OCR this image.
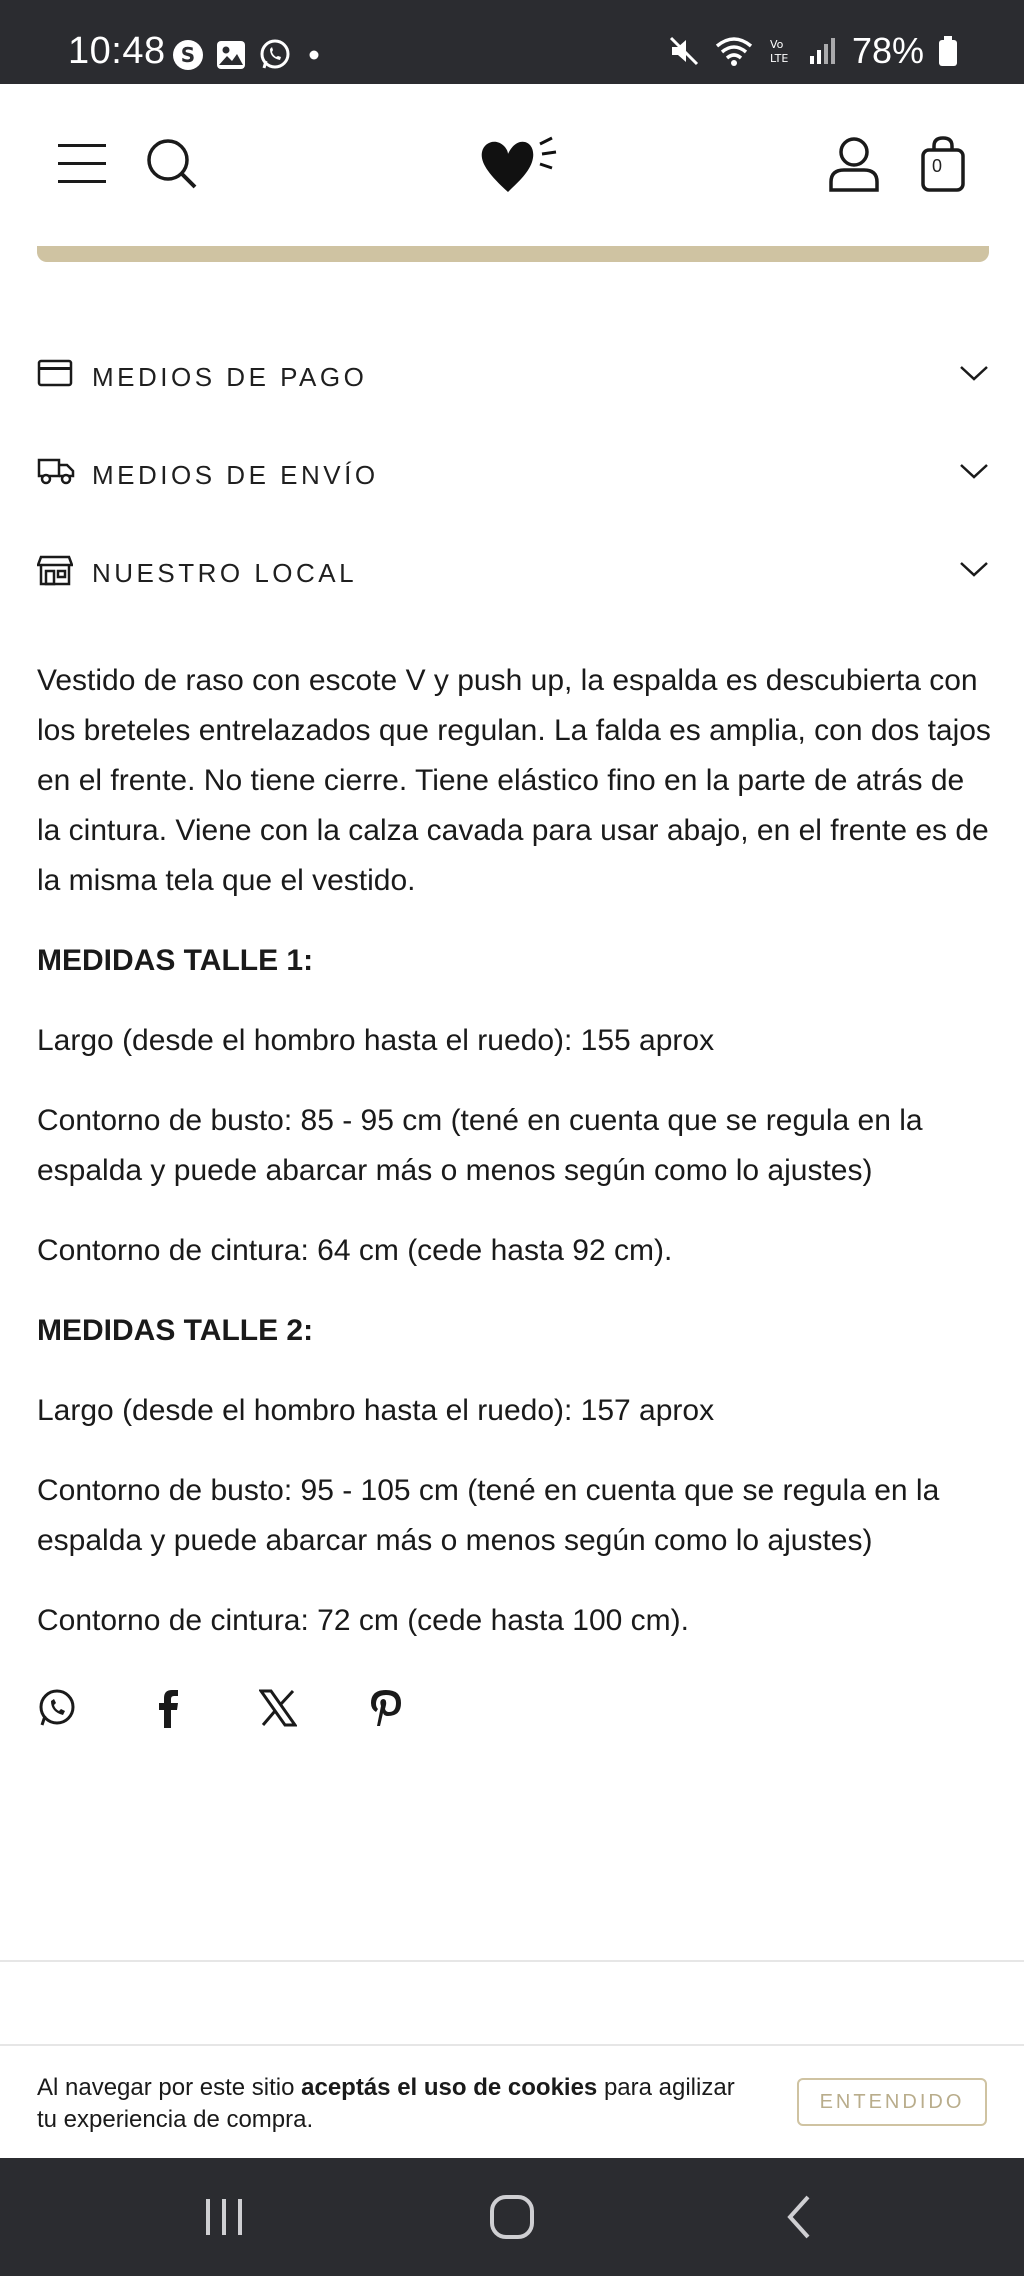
10:48 S	Vo
LTE 78%
0
MEDIOS DE PAGO
MEDIOS DE ENVÍO
NUESTRO LOCAL

Vestido de raso con escote V y push up, la espalda es descubierta con los breteles entrelazados que regulan. La falda es amplia, con dos tajos en el frente. No tiene cierre. Tiene elástico fino en la parte de atrás de la cintura. Viene con la calza cavada para usar abajo, en el frente es de la misma tela que el vestido.

MEDIDAS TALLE 1:

Largo (desde el hombro hasta el ruedo): 155 aprox

Contorno de busto: 85 - 95 cm (tené en cuenta que se regula en la espalda y puede abarcar más o menos según como lo ajustes)

Contorno de cintura: 64 cm (cede hasta 92 cm).

MEDIDAS TALLE 2:

Largo (desde el hombro hasta el ruedo): 157 aprox

Contorno de busto: 95 - 105 cm (tené en cuenta que se regula en la espalda y puede abarcar más o menos según como lo ajustes)

Contorno de cintura: 72 cm (cede hasta 100 cm).

Al navegar por este sitio aceptás el uso de cookies para agilizar tu experiencia de compra.
ENTENDIDO
